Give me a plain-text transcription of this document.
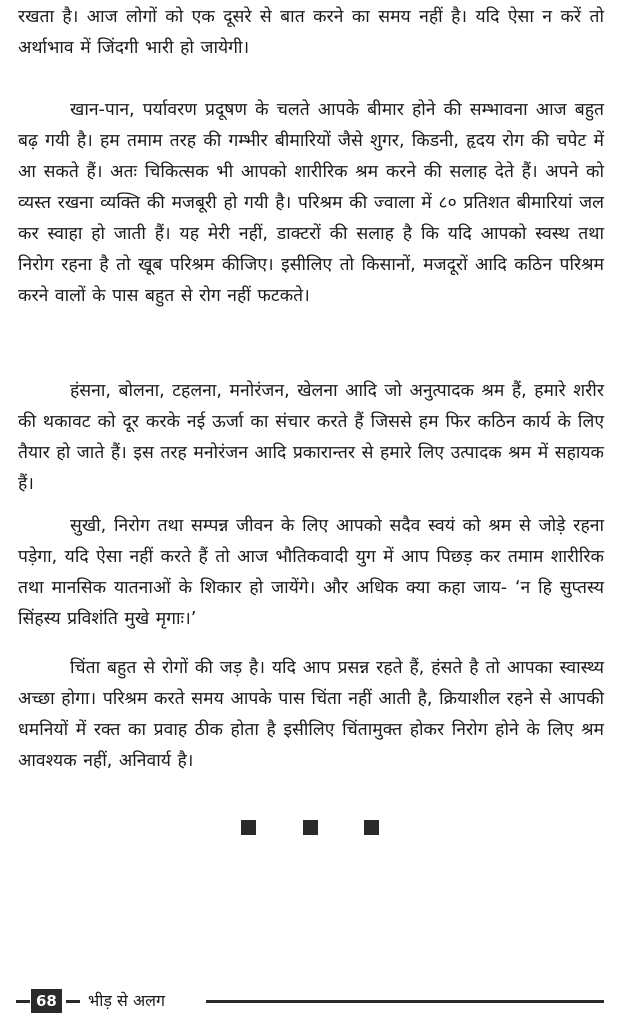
रखता है। आज लोगों को एक दूसरे से बात करने का समय नहीं है। यदि ऐसा न करें तो अर्थाभाव में जिंदगी भारी हो जायेगी।

खान-पान, पर्यावरण प्रदूषण के चलते आपके बीमार होने की सम्भावना आज बहुत बढ़ गयी है। हम तमाम तरह की गम्भीर बीमारियों जैसे शुगर, किडनी, हृदय रोग की चपेट में आ सकते हैं। अतः चिकित्सक भी आपको शारीरिक श्रम करने की सलाह देते हैं। अपने को व्यस्त रखना व्यक्ति की मजबूरी हो गयी है। परिश्रम की ज्वाला में ८० प्रतिशत बीमारियां जल कर स्वाहा हो जाती हैं। यह मेरी नहीं, डाक्टरों की सलाह है कि यदि आपको स्वस्थ तथा निरोग रहना है तो खूब परिश्रम कीजिए। इसीलिए तो किसानों, मजदूरों आदि कठिन परिश्रम करने वालों के पास बहुत से रोग नहीं फटकते।

हंसना, बोलना, टहलना, मनोरंजन, खेलना आदि जो अनुत्पादक श्रम हैं, हमारे शरीर की थकावट को दूर करके नई ऊर्जा का संचार करते हैं जिससे हम फिर कठिन कार्य के लिए तैयार हो जाते हैं। इस तरह मनोरंजन आदि प्रकारान्तर से हमारे लिए उत्पादक श्रम में सहायक हैं।

सुखी, निरोग तथा सम्पन्न जीवन के लिए आपको सदैव स्वयं को श्रम से जोड़े रहना पड़ेगा, यदि ऐसा नहीं करते हैं तो आज भौतिकवादी युग में आप पिछड़ कर तमाम शारीरिक तथा मानसिक यातनाओं के शिकार हो जायेंगे। और अधिक क्या कहा जाय- ‘न हि सुप्तस्य सिंहस्य प्रविशंति मुखे मृगाः।’

चिंता बहुत से रोगों की जड़ है। यदि आप प्रसन्न रहते हैं, हंसते है तो आपका स्वास्थ्य अच्छा होगा। परिश्रम करते समय आपके पास चिंता नहीं आती है, क्रियाशील रहने से आपकी धमनियों में रक्त का प्रवाह ठीक होता है इसीलिए चिंतामुक्त होकर निरोग होने के लिए श्रम आवश्यक नहीं, अनिवार्य है।

68	भीड़ से अलग
